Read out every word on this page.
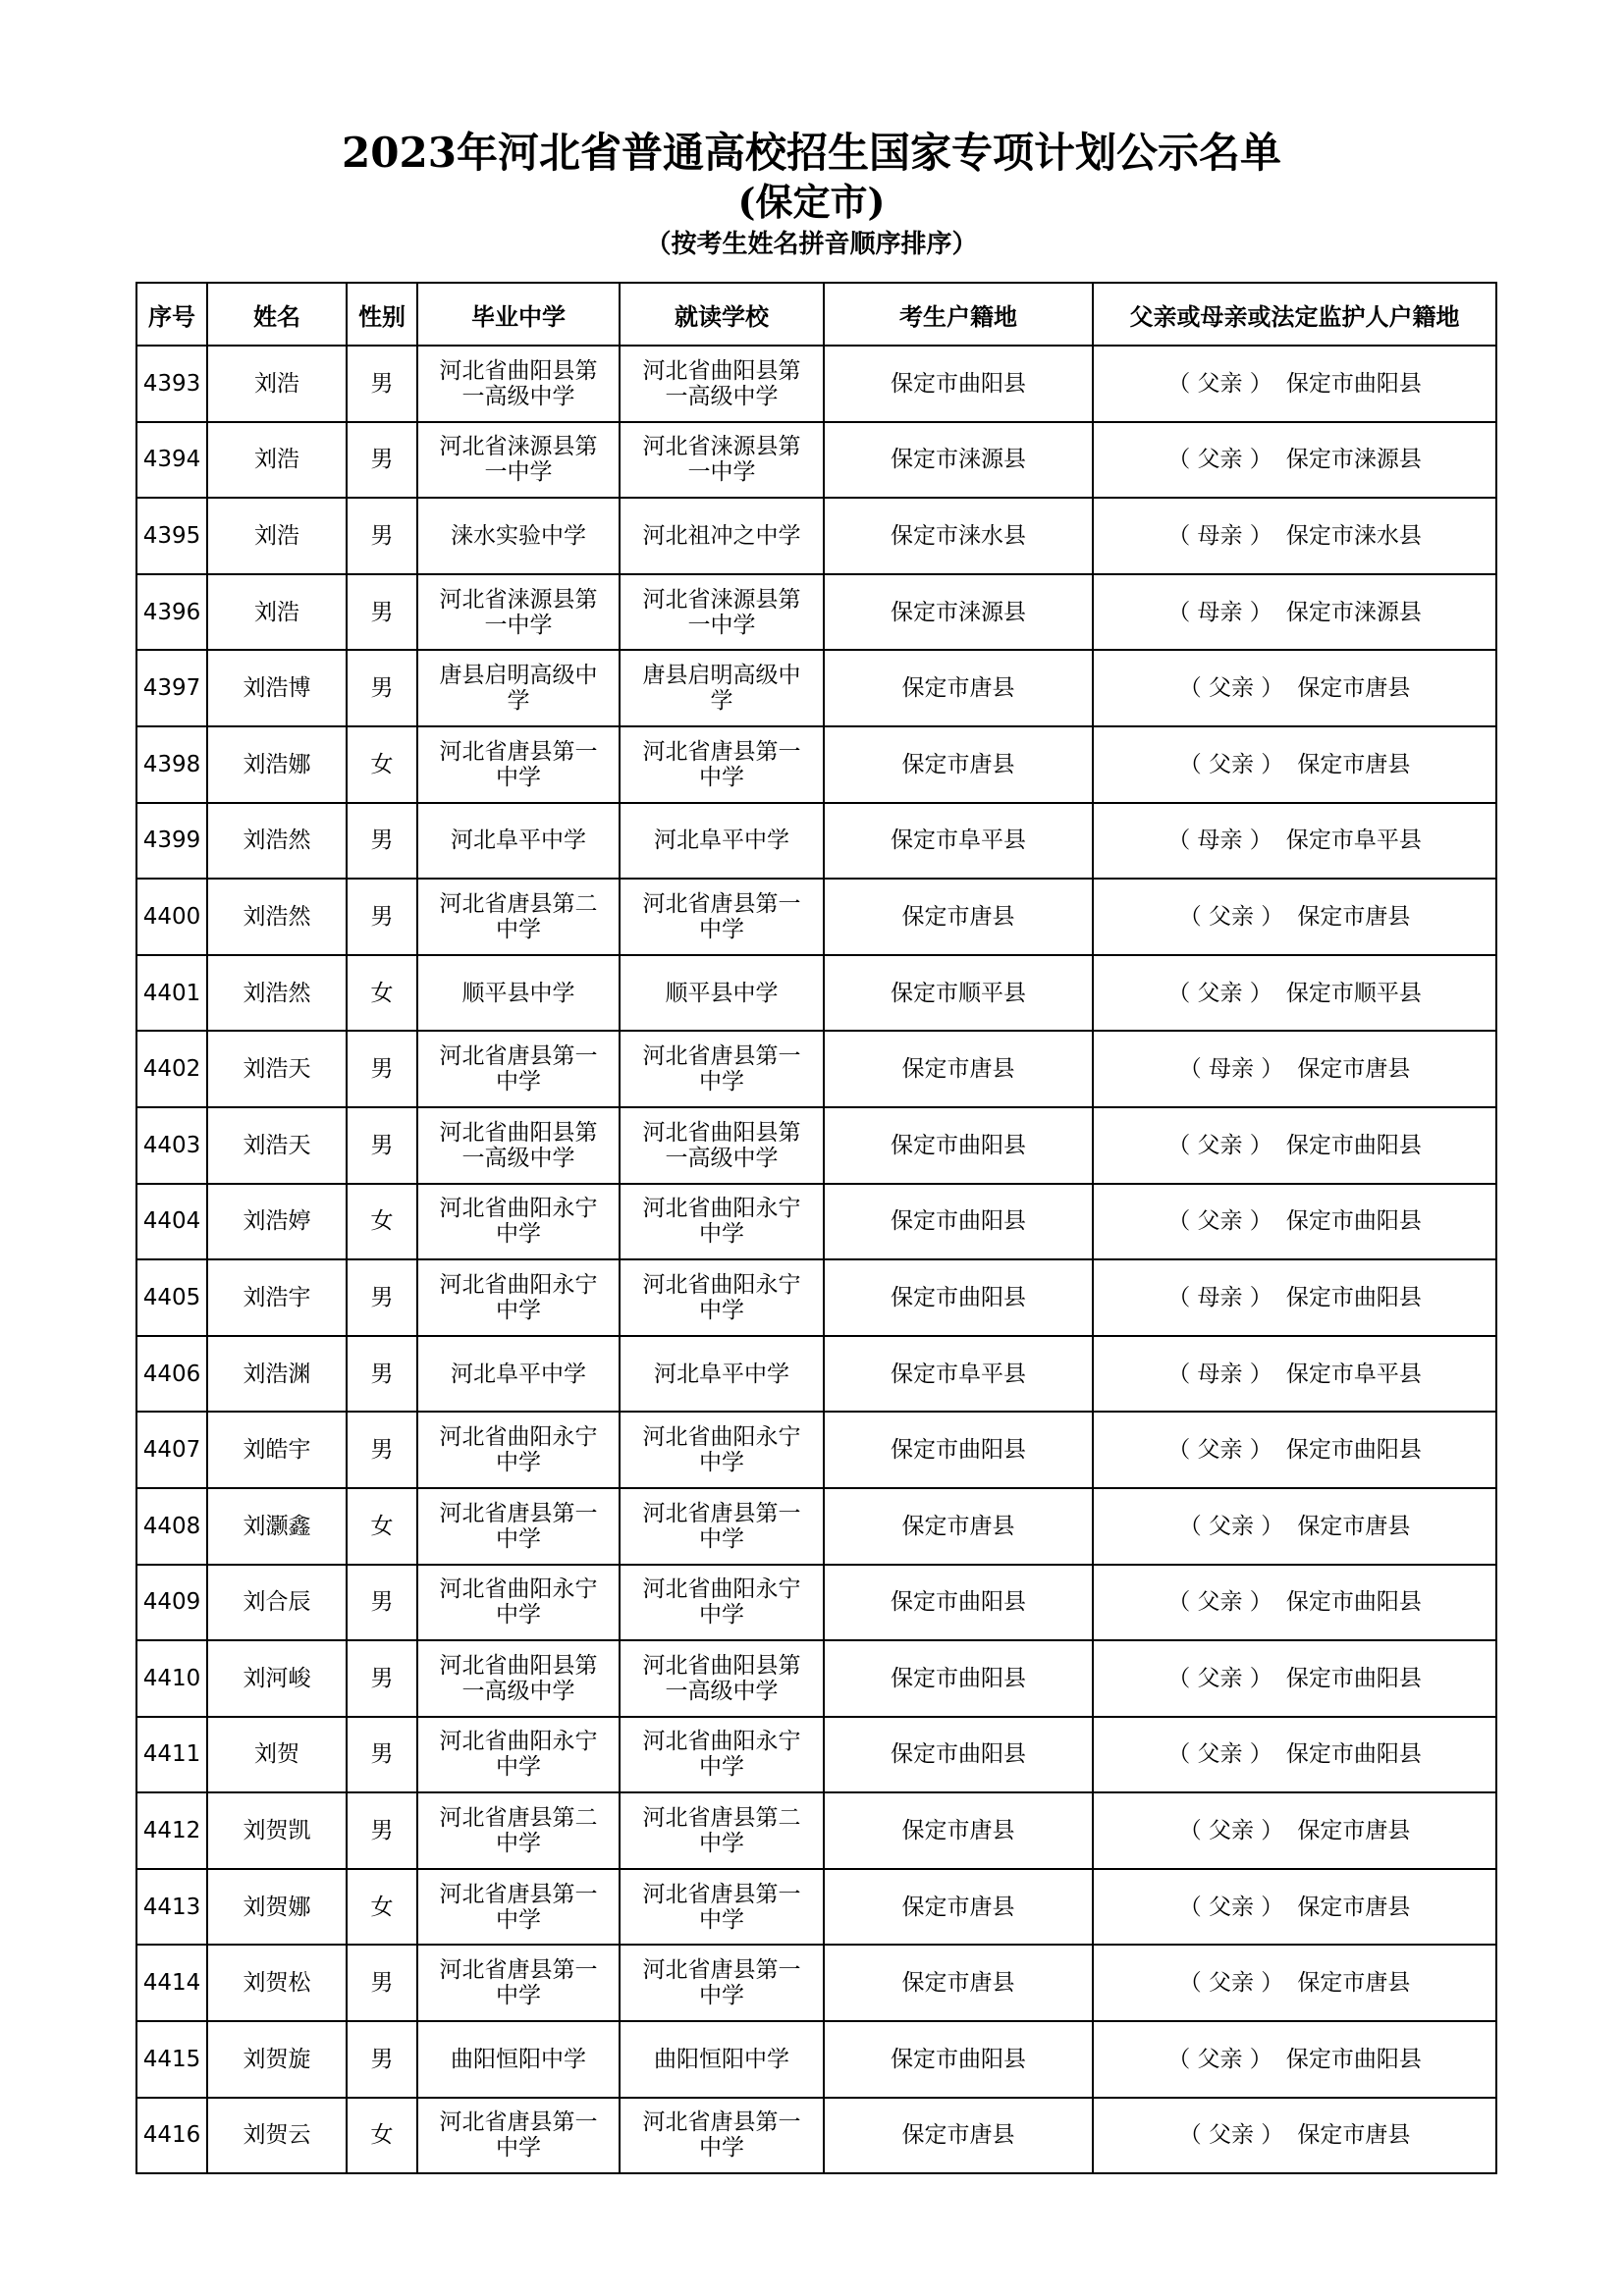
2023年河北省普通高校招生国家专项计划公示名单
(保定市)
（按考生姓名拼音顺序排序）
序号	姓名	性别	毕业中学	就读学校	考生户籍地	父亲或母亲或法定监护人户籍地
4393	刘浩	男	河北省曲阳县第一高级中学	河北省曲阳县第一高级中学	保定市曲阳县	（ 父亲 ） 保定市曲阳县
4394	刘浩	男	河北省涞源县第一中学	河北省涞源县第一中学	保定市涞源县	（ 父亲 ） 保定市涞源县
4395	刘浩	男	涞水实验中学	河北祖冲之中学	保定市涞水县	（ 母亲 ） 保定市涞水县
4396	刘浩	男	河北省涞源县第一中学	河北省涞源县第一中学	保定市涞源县	（ 母亲 ） 保定市涞源县
4397	刘浩博	男	唐县启明高级中学	唐县启明高级中学	保定市唐县	（ 父亲 ） 保定市唐县
4398	刘浩娜	女	河北省唐县第一中学	河北省唐县第一中学	保定市唐县	（ 父亲 ） 保定市唐县
4399	刘浩然	男	河北阜平中学	河北阜平中学	保定市阜平县	（ 母亲 ） 保定市阜平县
4400	刘浩然	男	河北省唐县第二中学	河北省唐县第一中学	保定市唐县	（ 父亲 ） 保定市唐县
4401	刘浩然	女	顺平县中学	顺平县中学	保定市顺平县	（ 父亲 ） 保定市顺平县
4402	刘浩天	男	河北省唐县第一中学	河北省唐县第一中学	保定市唐县	（ 母亲 ） 保定市唐县
4403	刘浩天	男	河北省曲阳县第一高级中学	河北省曲阳县第一高级中学	保定市曲阳县	（ 父亲 ） 保定市曲阳县
4404	刘浩婷	女	河北省曲阳永宁中学	河北省曲阳永宁中学	保定市曲阳县	（ 父亲 ） 保定市曲阳县
4405	刘浩宇	男	河北省曲阳永宁中学	河北省曲阳永宁中学	保定市曲阳县	（ 母亲 ） 保定市曲阳县
4406	刘浩渊	男	河北阜平中学	河北阜平中学	保定市阜平县	（ 母亲 ） 保定市阜平县
4407	刘皓宇	男	河北省曲阳永宁中学	河北省曲阳永宁中学	保定市曲阳县	（ 父亲 ） 保定市曲阳县
4408	刘灏鑫	女	河北省唐县第一中学	河北省唐县第一中学	保定市唐县	（ 父亲 ） 保定市唐县
4409	刘合辰	男	河北省曲阳永宁中学	河北省曲阳永宁中学	保定市曲阳县	（ 父亲 ） 保定市曲阳县
4410	刘河峻	男	河北省曲阳县第一高级中学	河北省曲阳县第一高级中学	保定市曲阳县	（ 父亲 ） 保定市曲阳县
4411	刘贺	男	河北省曲阳永宁中学	河北省曲阳永宁中学	保定市曲阳县	（ 父亲 ） 保定市曲阳县
4412	刘贺凯	男	河北省唐县第二中学	河北省唐县第二中学	保定市唐县	（ 父亲 ） 保定市唐县
4413	刘贺娜	女	河北省唐县第一中学	河北省唐县第一中学	保定市唐县	（ 父亲 ） 保定市唐县
4414	刘贺松	男	河北省唐县第一中学	河北省唐县第一中学	保定市唐县	（ 父亲 ） 保定市唐县
4415	刘贺旋	男	曲阳恒阳中学	曲阳恒阳中学	保定市曲阳县	（ 父亲 ） 保定市曲阳县
4416	刘贺云	女	河北省唐县第一中学	河北省唐县第一中学	保定市唐县	（ 父亲 ） 保定市唐县
